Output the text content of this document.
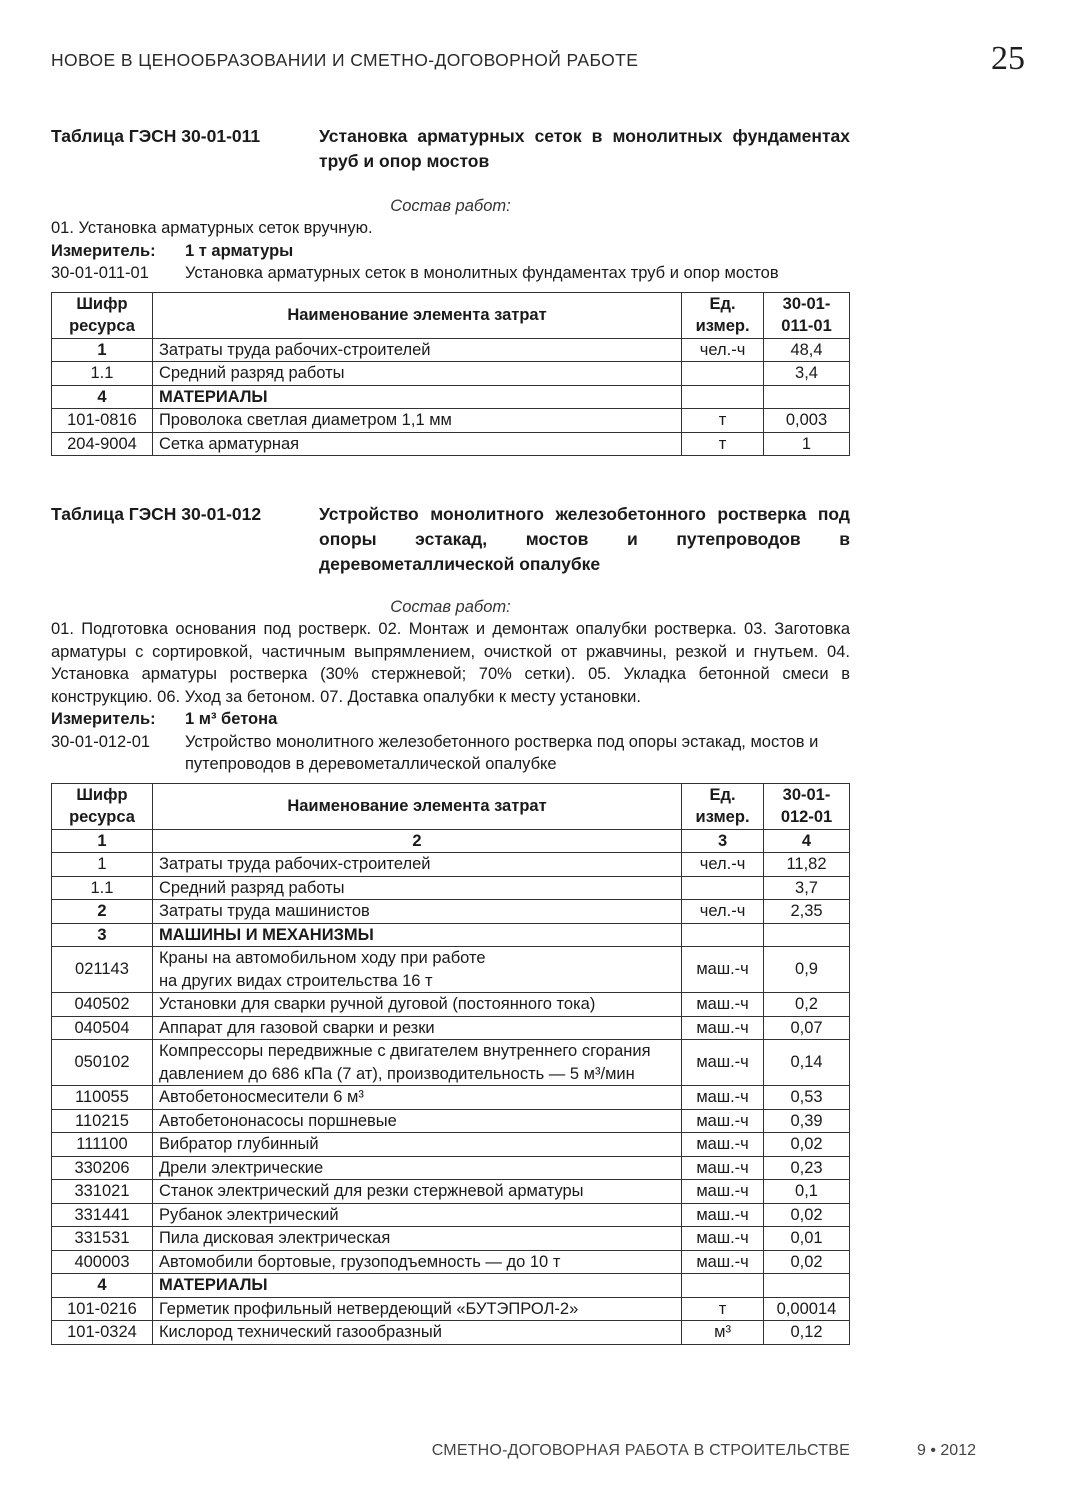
НОВОЕ В ЦЕНООБРАЗОВАНИИ И СМЕТНО-ДОГОВОРНОЙ РАБОТЕ	25
Таблица ГЭСН 30-01-011	Установка арматурных сеток в монолитных фундаментах труб и опор мостов
Состав работ:
01. Установка арматурных сеток вручную.
Измеритель:	1 т арматуры
30-01-011-01	Установка арматурных сеток в монолитных фундаментах труб и опор мостов
Шифр ресурса	Наименование элемента затрат	Ед. измер.	30-01-011-01
1	Затраты труда рабочих-строителей	чел.-ч	48,4
1.1	Средний разряд работы		3,4
4	МАТЕРИАЛЫ		
101-0816	Проволока светлая диаметром 1,1 мм	т	0,003
204-9004	Сетка арматурная	т	1
Таблица ГЭСН 30-01-012	Устройство монолитного железобетонного ростверка под опоры эстакад, мостов и путепроводов в деревометаллической опалубке
Состав работ:
01. Подготовка основания под ростверк. 02. Монтаж и демонтаж опалубки ростверка. 03. Заготовка арматуры с сортировкой, частичным выпрямлением, очисткой от ржавчины, резкой и гнутьем. 04. Установка арматуры ростверка (30% стержневой; 70% сетки). 05. Укладка бетонной смеси в конструкцию. 06. Уход за бетоном. 07. Доставка опалубки к месту установки.
Измеритель:	1 м³ бетона
30-01-012-01	Устройство монолитного железобетонного ростверка под опоры эстакад, мостов и путепроводов в деревометаллической опалубке
Шифр ресурса	Наименование элемента затрат	Ед. измер.	30-01-012-01
1	2	3	4
1	Затраты труда рабочих-строителей	чел.-ч	11,82
1.1	Средний разряд работы		3,7
2	Затраты труда машинистов	чел.-ч	2,35
3	МАШИНЫ И МЕХАНИЗМЫ		
021143	Краны на автомобильном ходу при работе
на других видах строительства 16 т	маш.-ч	0,9
040502	Установки для сварки ручной дуговой (постоянного тока)	маш.-ч	0,2
040504	Аппарат для газовой сварки и резки	маш.-ч	0,07
050102	Компрессоры передвижные с двигателем внутреннего сгорания
давлением до 686 кПа (7 ат), производительность — 5 м³/мин	маш.-ч	0,14
110055	Автобетоносмесители 6 м³	маш.-ч	0,53
110215	Автобетононасосы поршневые	маш.-ч	0,39
111100	Вибратор глубинный	маш.-ч	0,02
330206	Дрели электрические	маш.-ч	0,23
331021	Станок электрический для резки стержневой арматуры	маш.-ч	0,1
331441	Рубанок электрический	маш.-ч	0,02
331531	Пила дисковая электрическая	маш.-ч	0,01
400003	Автомобили бортовые, грузоподъемность — до 10 т	маш.-ч	0,02
4	МАТЕРИАЛЫ		
101-0216	Герметик профильный нетвердеющий «БУТЭПРОЛ-2»	т	0,00014
101-0324	Кислород технический газообразный	м³	0,12
СМЕТНО-ДОГОВОРНАЯ РАБОТА В СТРОИТЕЛЬСТВЕ	9 • 2012
